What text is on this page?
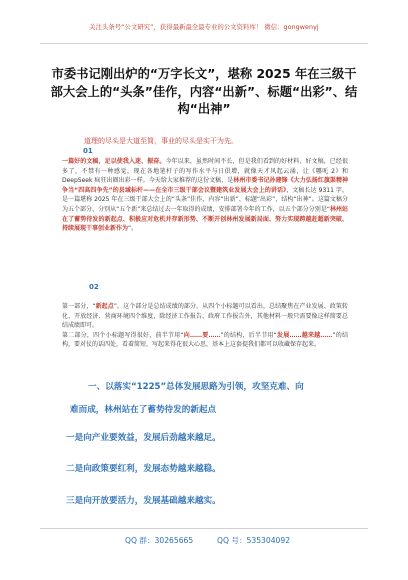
关注头条号“公文研究”，获得最新最全最专业的公文资料库！ 微信：gongwenyj
市委书记刚出炉的“万字长文”，堪称 2025 年在三级干
部大会上的“头条”佳作，内容“出新”、标题“出彩”、结
构“出神”
道理的尽头是大道至简，事业的尽头是实干为先。
01
一篇好的文稿，足以使我入迷、振奋。今年以来，虽然时间不长，但是我们看到的好材料、好文稿，已经很多了，不禁有一种感觉，现在各地笔杆子的写作水平与日俱增，就像天才风起云涌，让《哪吒 2》和 DeepSeek 疯狂出圈出彩一样。今天给大家推荐的这份文稿，是林州市委书记孙建锋《大力弘扬红旗渠精神争当“四高四争先”的县域标杆——在全市三级干部会议暨建筑业发展大会上的讲话》，文稿长达 9311 字，是一篇堪称 2025 年在三级干部大会上的“头条”佳作，内容“出新”、标题“出彩”、结构“出神”。这篇文稿分为五个部分，分别从“五个新”来总结过去一年取得的成绩，安排部署今年的工作，以五个部分分别是“林州站在了蓄势待发的新起点、积极应对危机并存新形势、不断开创林州发展新局面、努力实现跨越赶超新突破、持续展现干事创业新作为”。
02
第一部分，“新起点”。这个部分是总结成绩的部分，从四个小标题可以看出，总结聚焦在产业发展、政策转化、开放经济、营商环境四个维度，除经济工作报告、政府工作报告外，其他材料一般只需要像这样简要总结成绩即可。
第二部分，四个小标题写得很好，前半节用“向……要……”的结构，后半节用“发展……越来越……”的结构，要对仗的话四处，看着简短，写起来得花很大心思，基本上这套提我们都可以收藏保存起来。
一、以落实“1225”总体发展思路为引领，攻坚克难、向
难而成，林州站在了蓄势待发的新起点
一是向产业要效益，发展后劲越来越足。
二是向政策要红利，发展态势越来越稳。
三是向开放要活力，发展基础越来越实。
QQ 群：30265665	QQ 号：535304092
